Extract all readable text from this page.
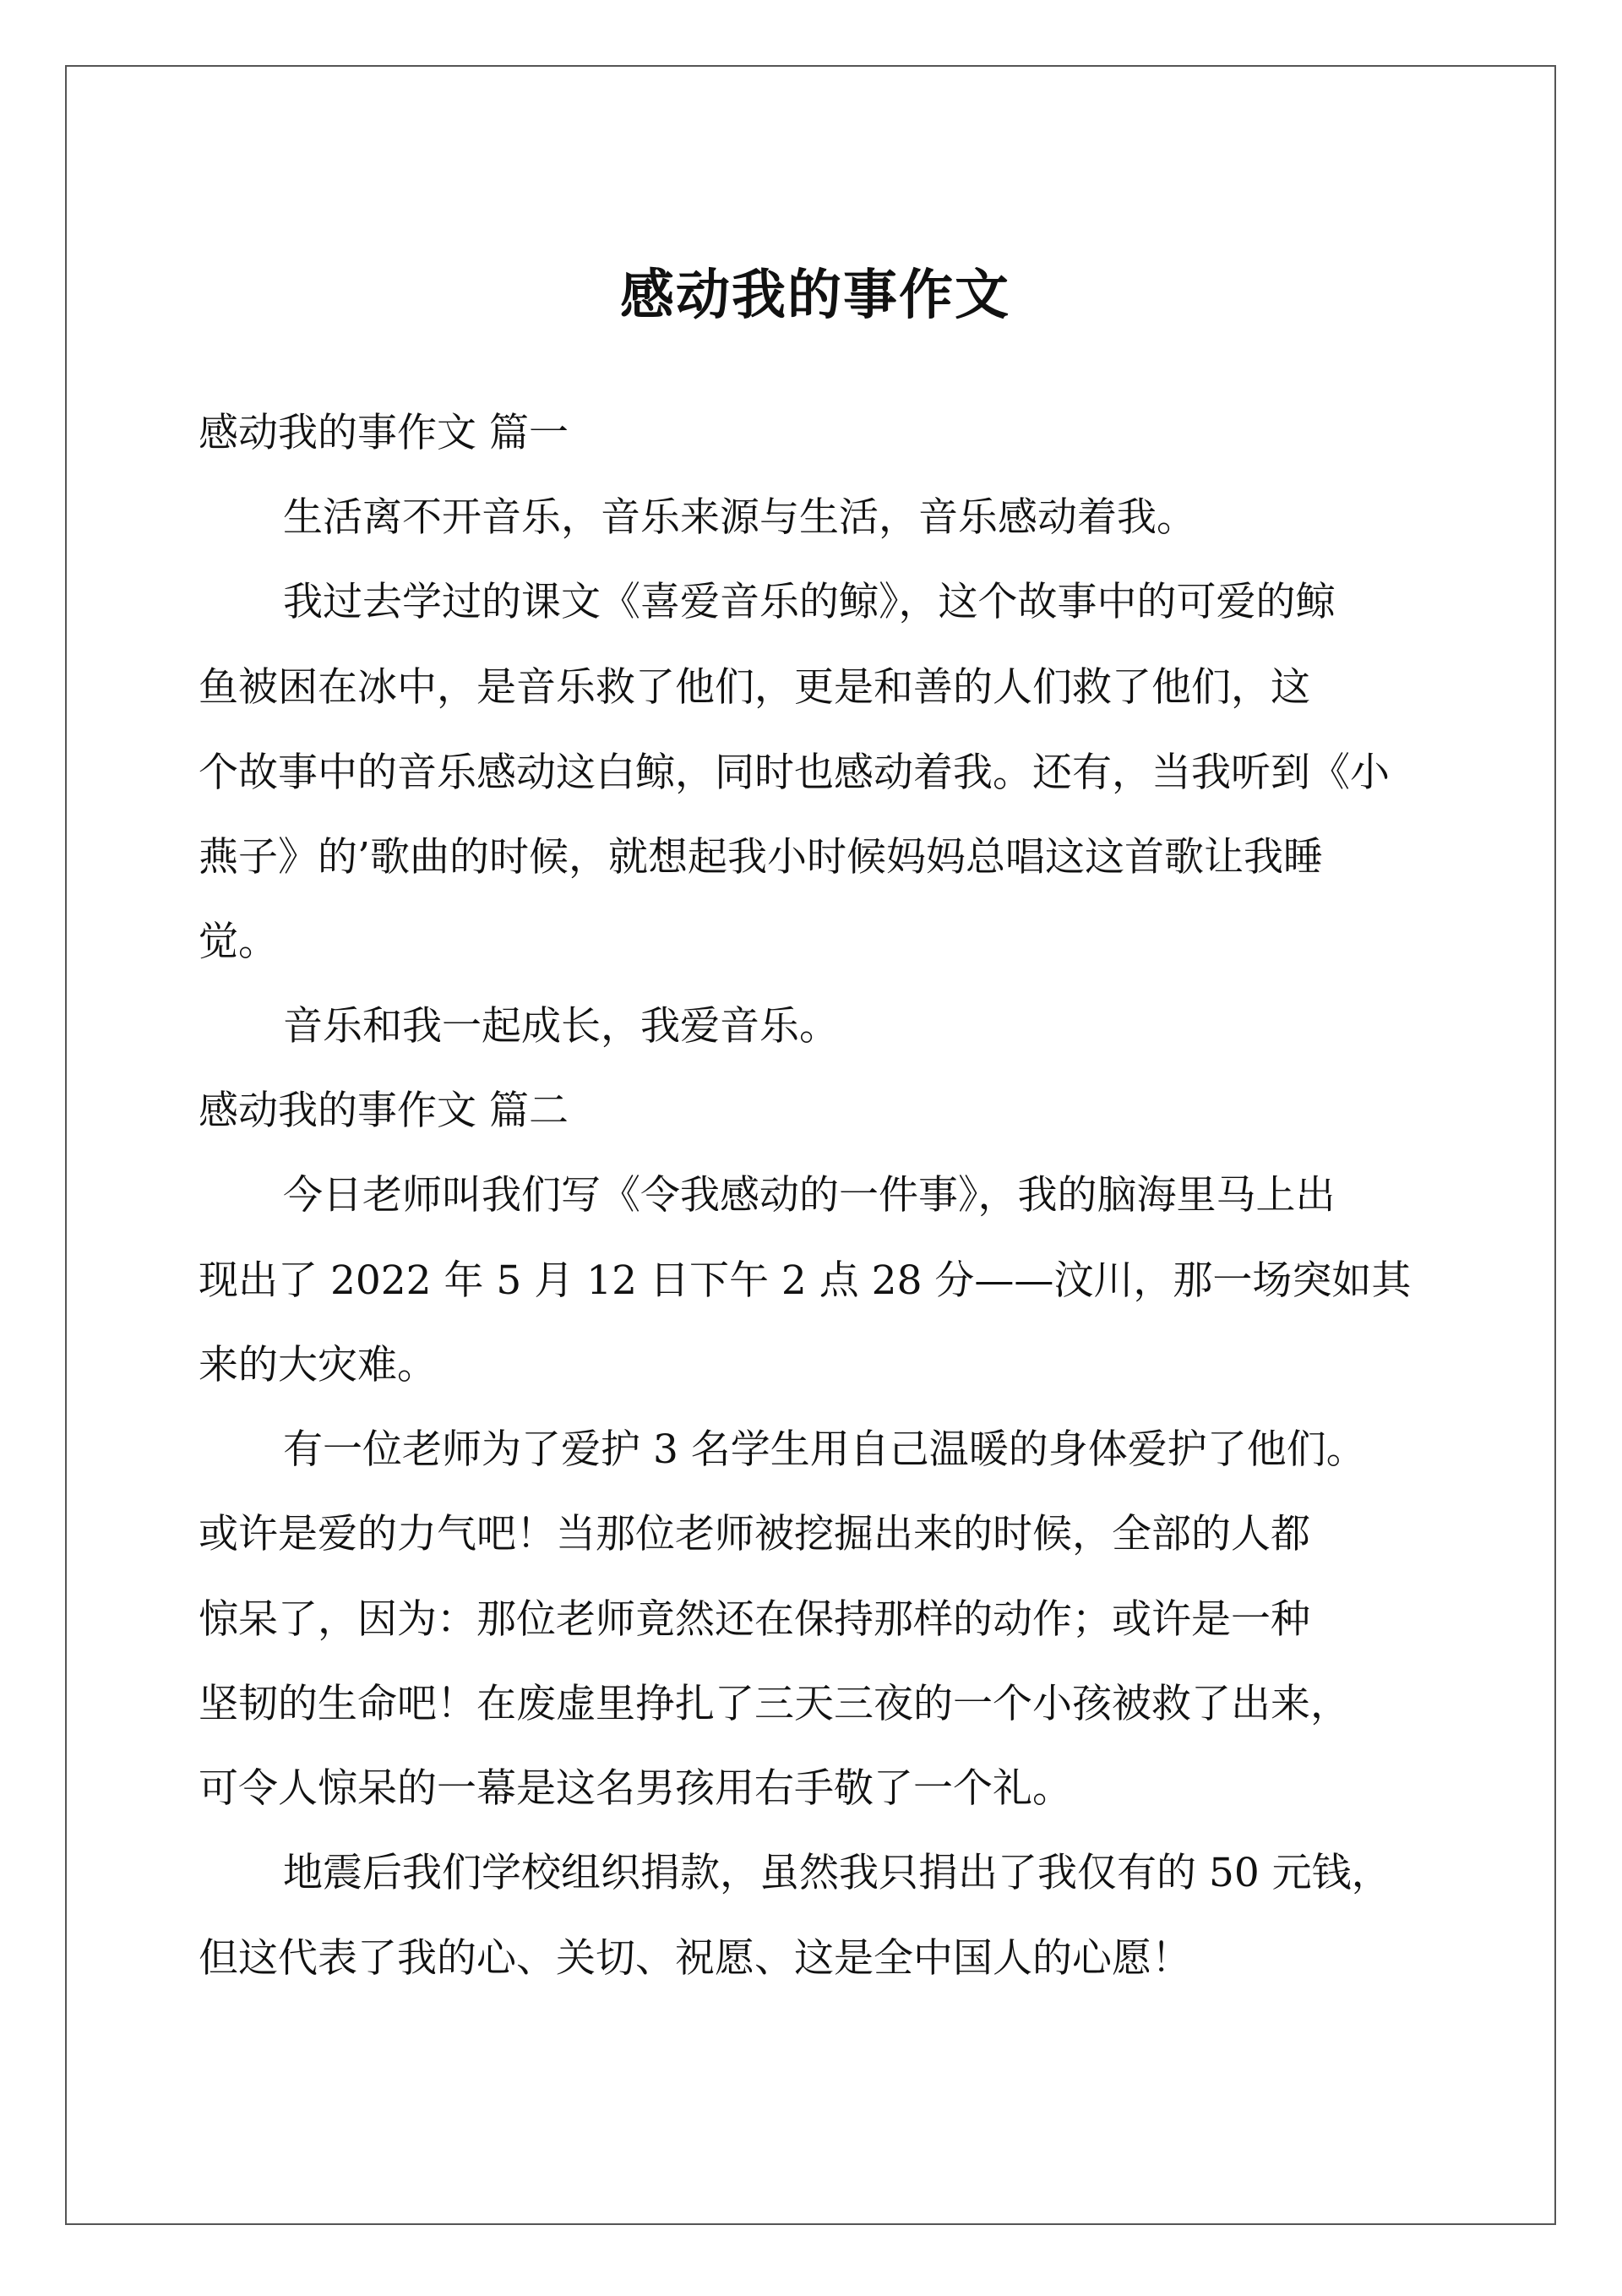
感动我的事作文

感动我的事作文 篇一

生活离不开音乐，音乐来源与生活，音乐感动着我。

我过去学过的课文《喜爱音乐的鲸》，这个故事中的可爱的鲸

鱼被困在冰中，是音乐救了他们，更是和善的人们救了他们，这

个故事中的音乐感动这白鲸，同时也感动着我。还有，当我听到《小

燕子》的’歌曲的时候，就想起我小时候妈妈总唱这这首歌让我睡

觉。

音乐和我一起成长，我爱音乐。

感动我的事作文 篇二

今日老师叫我们写《令我感动的一件事》，我的脑海里马上出

现出了 2022 年 5 月 12 日下午 2 点 28 分——汶川，那一场突如其

来的大灾难。

有一位老师为了爱护 3 名学生用自己温暖的身体爱护了他们。

或许是爱的力气吧！当那位老师被挖掘出来的时候，全部的人都

惊呆了，因为：那位老师竟然还在保持那样的动作；或许是一种

坚韧的生命吧！在废虚里挣扎了三天三夜的一个小孩被救了出来，

可令人惊呆的一幕是这名男孩用右手敬了一个礼。

地震后我们学校组织捐款，虽然我只捐出了我仅有的 50 元钱，

但这代表了我的心、关切、祝愿、这是全中国人的心愿！
